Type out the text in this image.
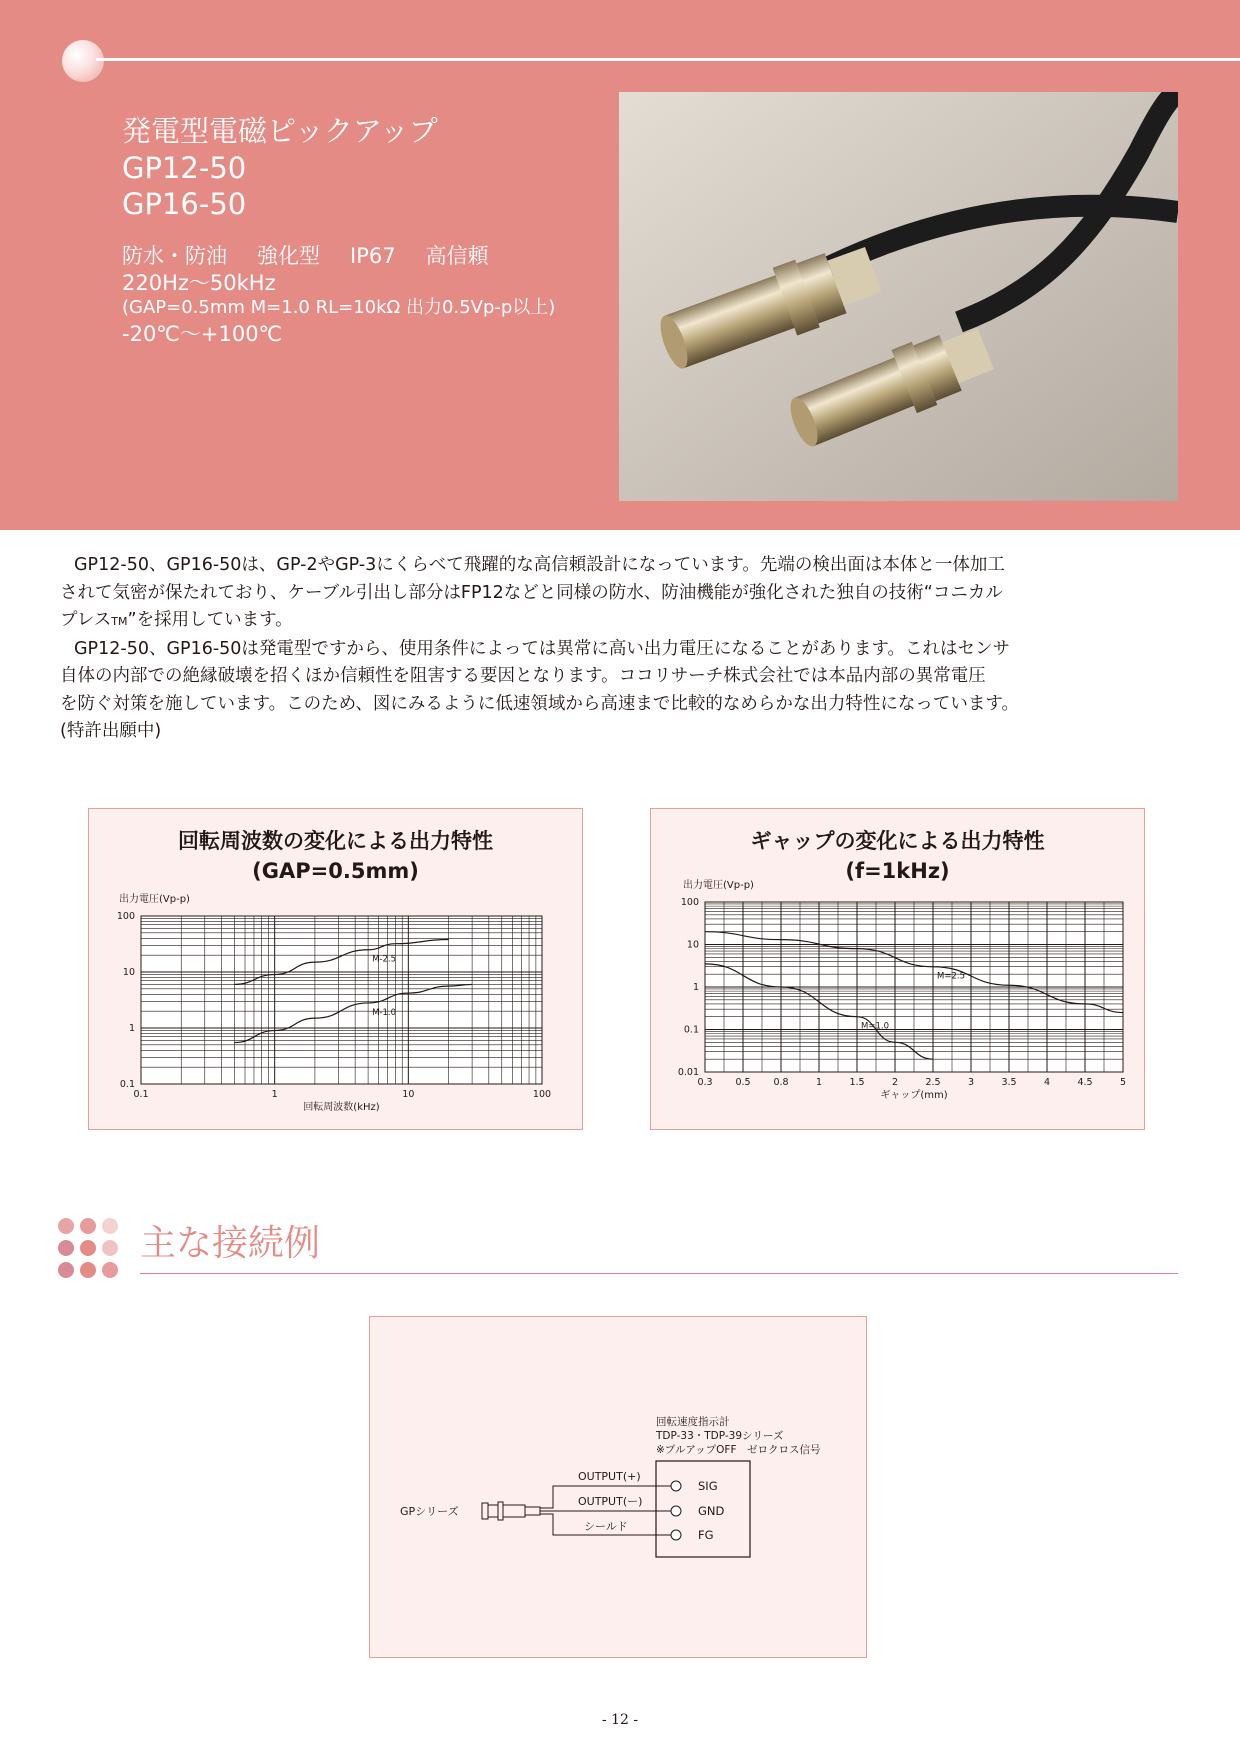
発電型電磁ピックアップ
GP12-50
GP16-50
防水・防油 強化型 IP67 高信頼
220Hz〜50kHz
(GAP=0.5mm M=1.0 RL=10kΩ 出力0.5Vp-p以上)
-20℃〜+100℃

GP12-50、GP16-50は、GP-2やGP-3にくらべて飛躍的な高信頼設計になっています。先端の検出面は本体と一体加工

されて気密が保たれており、ケーブル引出し部分はFP12などと同様の防水、防油機能が強化された独自の技術“コニカル

プレスTM”を採用しています。

GP12-50、GP16-50は発電型ですから、使用条件によっては異常に高い出力電圧になることがあります。これはセンサ

自体の内部での絶縁破壊を招くほか信頼性を阻害する要因となります。ココリサーチ株式会社では本品内部の異常電圧

を防ぐ対策を施しています。このため、図にみるように低速領域から高速まで比較的なめらかな出力特性になっています。

(特許出願中)

回転周波数の変化による出力特性
(GAP=0.5mm)
100
10
1
0.1
0.1	1	10	100
出力電圧(Vp-p)
回転周波数(kHz)
M-2.5
M-1.0
ギャップの変化による出力特性
(f=1kHz)
100
10
1
0.1
0.01
0.3 0.5 0.8	1	1.5	2	2.5	3	3.5	4	4.5	5
出力電圧(Vp-p)
ギャップ(mm)
M=2.5
M=1.0
主な接続例
回転速度指示計
TDP-33・TDP-39シリーズ
※プルアップOFF　ゼロクロス信号
SIG
GND
FG
OUTPUT(+)
OUTPUT(ー)
シールド
GPシリーズ
- 12 -
